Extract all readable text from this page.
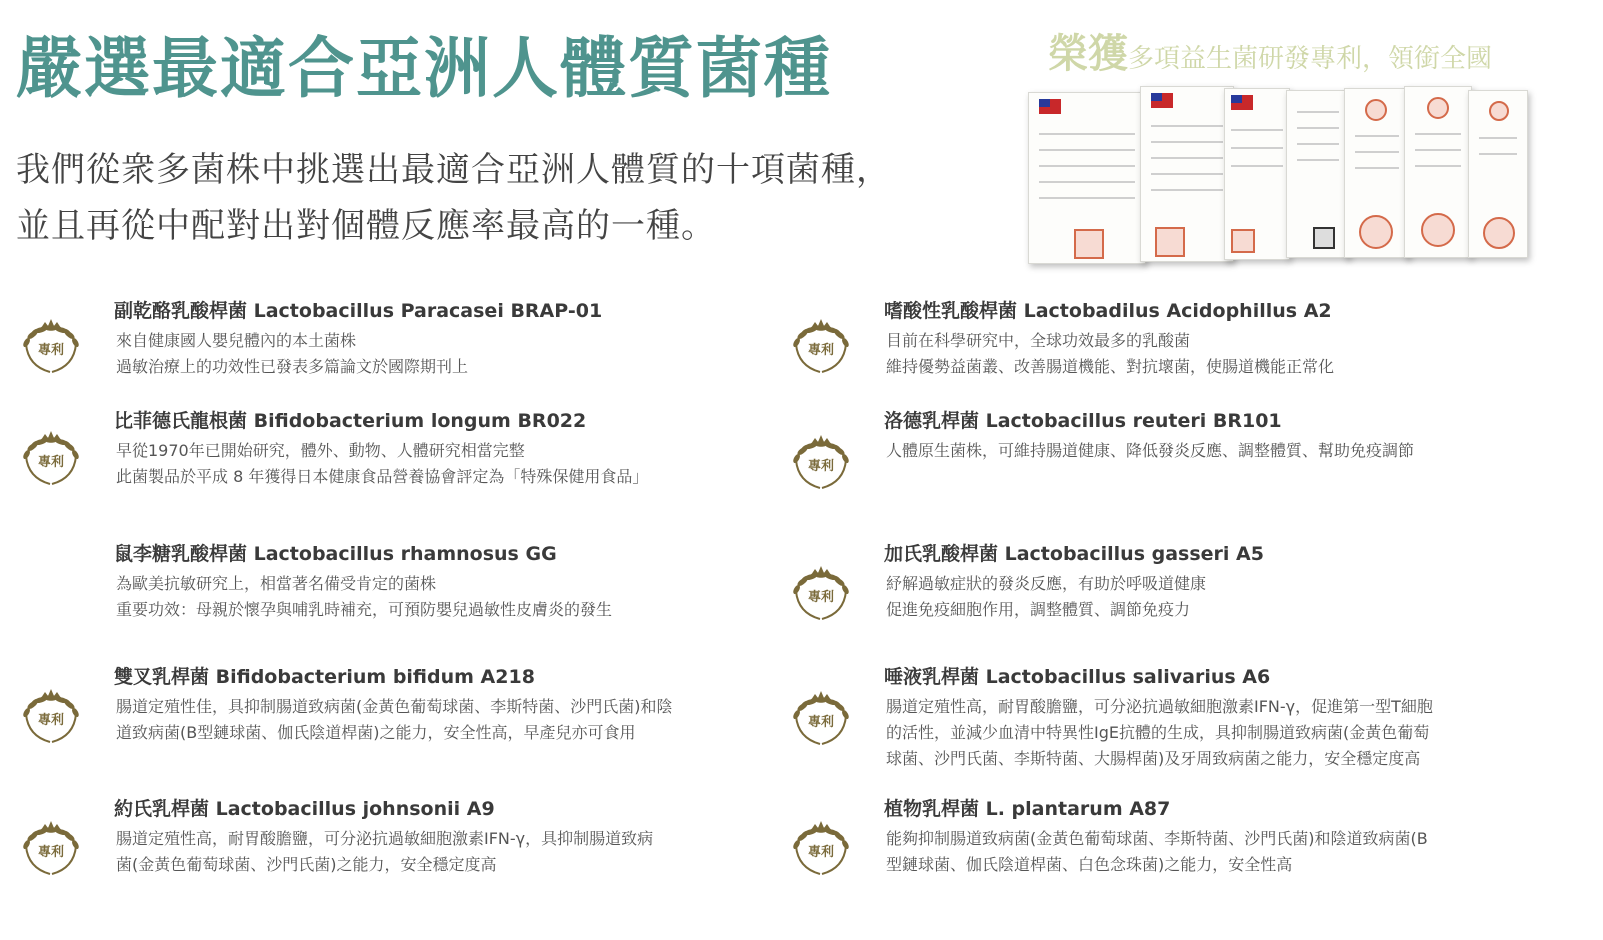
嚴選最適合亞洲人體質菌種
我們從衆多菌株中挑選出最適合亞洲人體質的十項菌種，
並且再從中配對出對個體反應率最高的一種。
榮獲多項益生菌研發專利，領銜全國
專利
副乾酪乳酸桿菌 Lactobacillus Paracasei BRAP-01
來自健康國人嬰兒體內的本土菌株
過敏治療上的功效性已發表多篇論文於國際期刊上
專利
嗜酸性乳酸桿菌 Lactobadilus Acidophillus A2
目前在科學研究中，全球功效最多的乳酸菌
維持優勢益菌叢、改善腸道機能、對抗壞菌，使腸道機能正常化
專利
比菲德氏龍根菌 Bifidobacterium longum BR022
早從1970年已開始研究，體外、動物、人體研究相當完整
此菌製品於平成 8 年獲得日本健康食品營養協會評定為「特殊保健用食品」
專利
洛德乳桿菌 Lactobacillus reuteri BR101
人體原生菌株，可維持腸道健康、降低發炎反應、調整體質、幫助免疫調節
鼠李糖乳酸桿菌 Lactobacillus rhamnosus GG
為歐美抗敏研究上，相當著名備受肯定的菌株
重要功效：母親於懷孕與哺乳時補充，可預防嬰兒過敏性皮膚炎的發生
專利
加氏乳酸桿菌 Lactobacillus gasseri A5
紓解過敏症狀的發炎反應，有助於呼吸道健康
促進免疫細胞作用，調整體質、調節免疫力
專利
雙叉乳桿菌 Bifidobacterium bifidum A218
腸道定殖性佳，具抑制腸道致病菌(金黃色葡萄球菌、李斯特菌、沙門氏菌)和陰
道致病菌(B型鏈球菌、伽氏陰道桿菌)之能力，安全性高，早產兒亦可食用
專利
唾液乳桿菌 Lactobacillus salivarius A6
腸道定殖性高，耐胃酸膽鹽，可分泌抗過敏細胞激素IFN-γ，促進第一型T細胞
的活性，並減少血清中特異性IgE抗體的生成，具抑制腸道致病菌(金黃色葡萄
球菌、沙門氏菌、李斯特菌、大腸桿菌)及牙周致病菌之能力，安全穩定度高
專利
約氏乳桿菌 Lactobacillus johnsonii A9
腸道定殖性高，耐胃酸膽鹽，可分泌抗過敏細胞激素IFN-γ，具抑制腸道致病
菌(金黃色葡萄球菌、沙門氏菌)之能力，安全穩定度高
專利
植物乳桿菌 L. plantarum A87
能夠抑制腸道致病菌(金黃色葡萄球菌、李斯特菌、沙門氏菌)和陰道致病菌(B
型鏈球菌、伽氏陰道桿菌、白色念珠菌)之能力，安全性高
